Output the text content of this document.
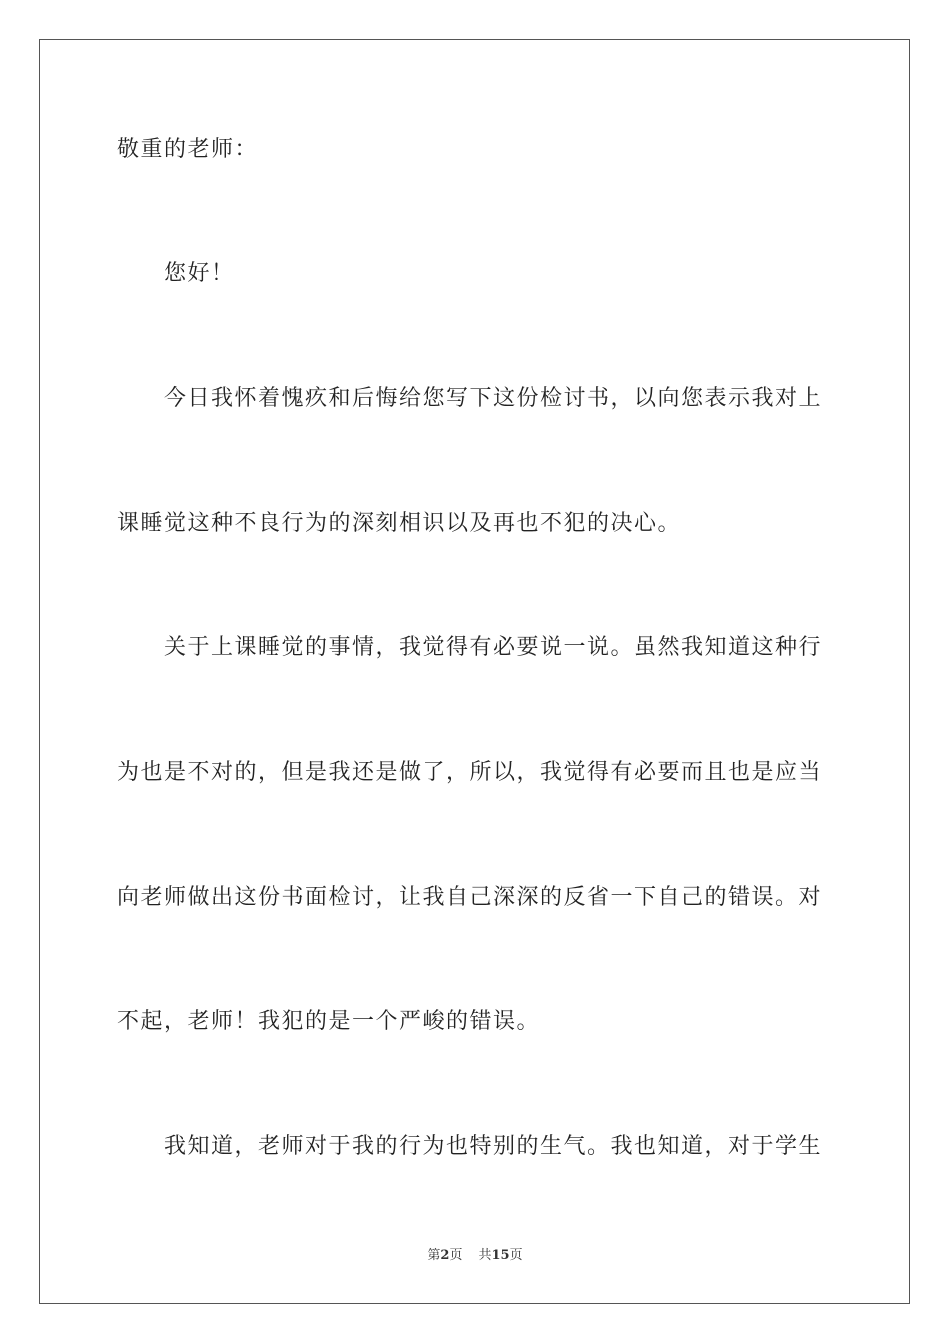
敬重的老师：
您好！
今日我怀着愧疚和后悔给您写下这份检讨书，以向您表示我对上
课睡觉这种不良行为的深刻相识以及再也不犯的决心。
关于上课睡觉的事情，我觉得有必要说一说。虽然我知道这种行
为也是不对的，但是我还是做了，所以，我觉得有必要而且也是应当
向老师做出这份书面检讨，让我自己深深的反省一下自己的错误。对
不起，老师！我犯的是一个严峻的错误。
我知道，老师对于我的行为也特别的生气。我也知道，对于学生
第2页 共15页
